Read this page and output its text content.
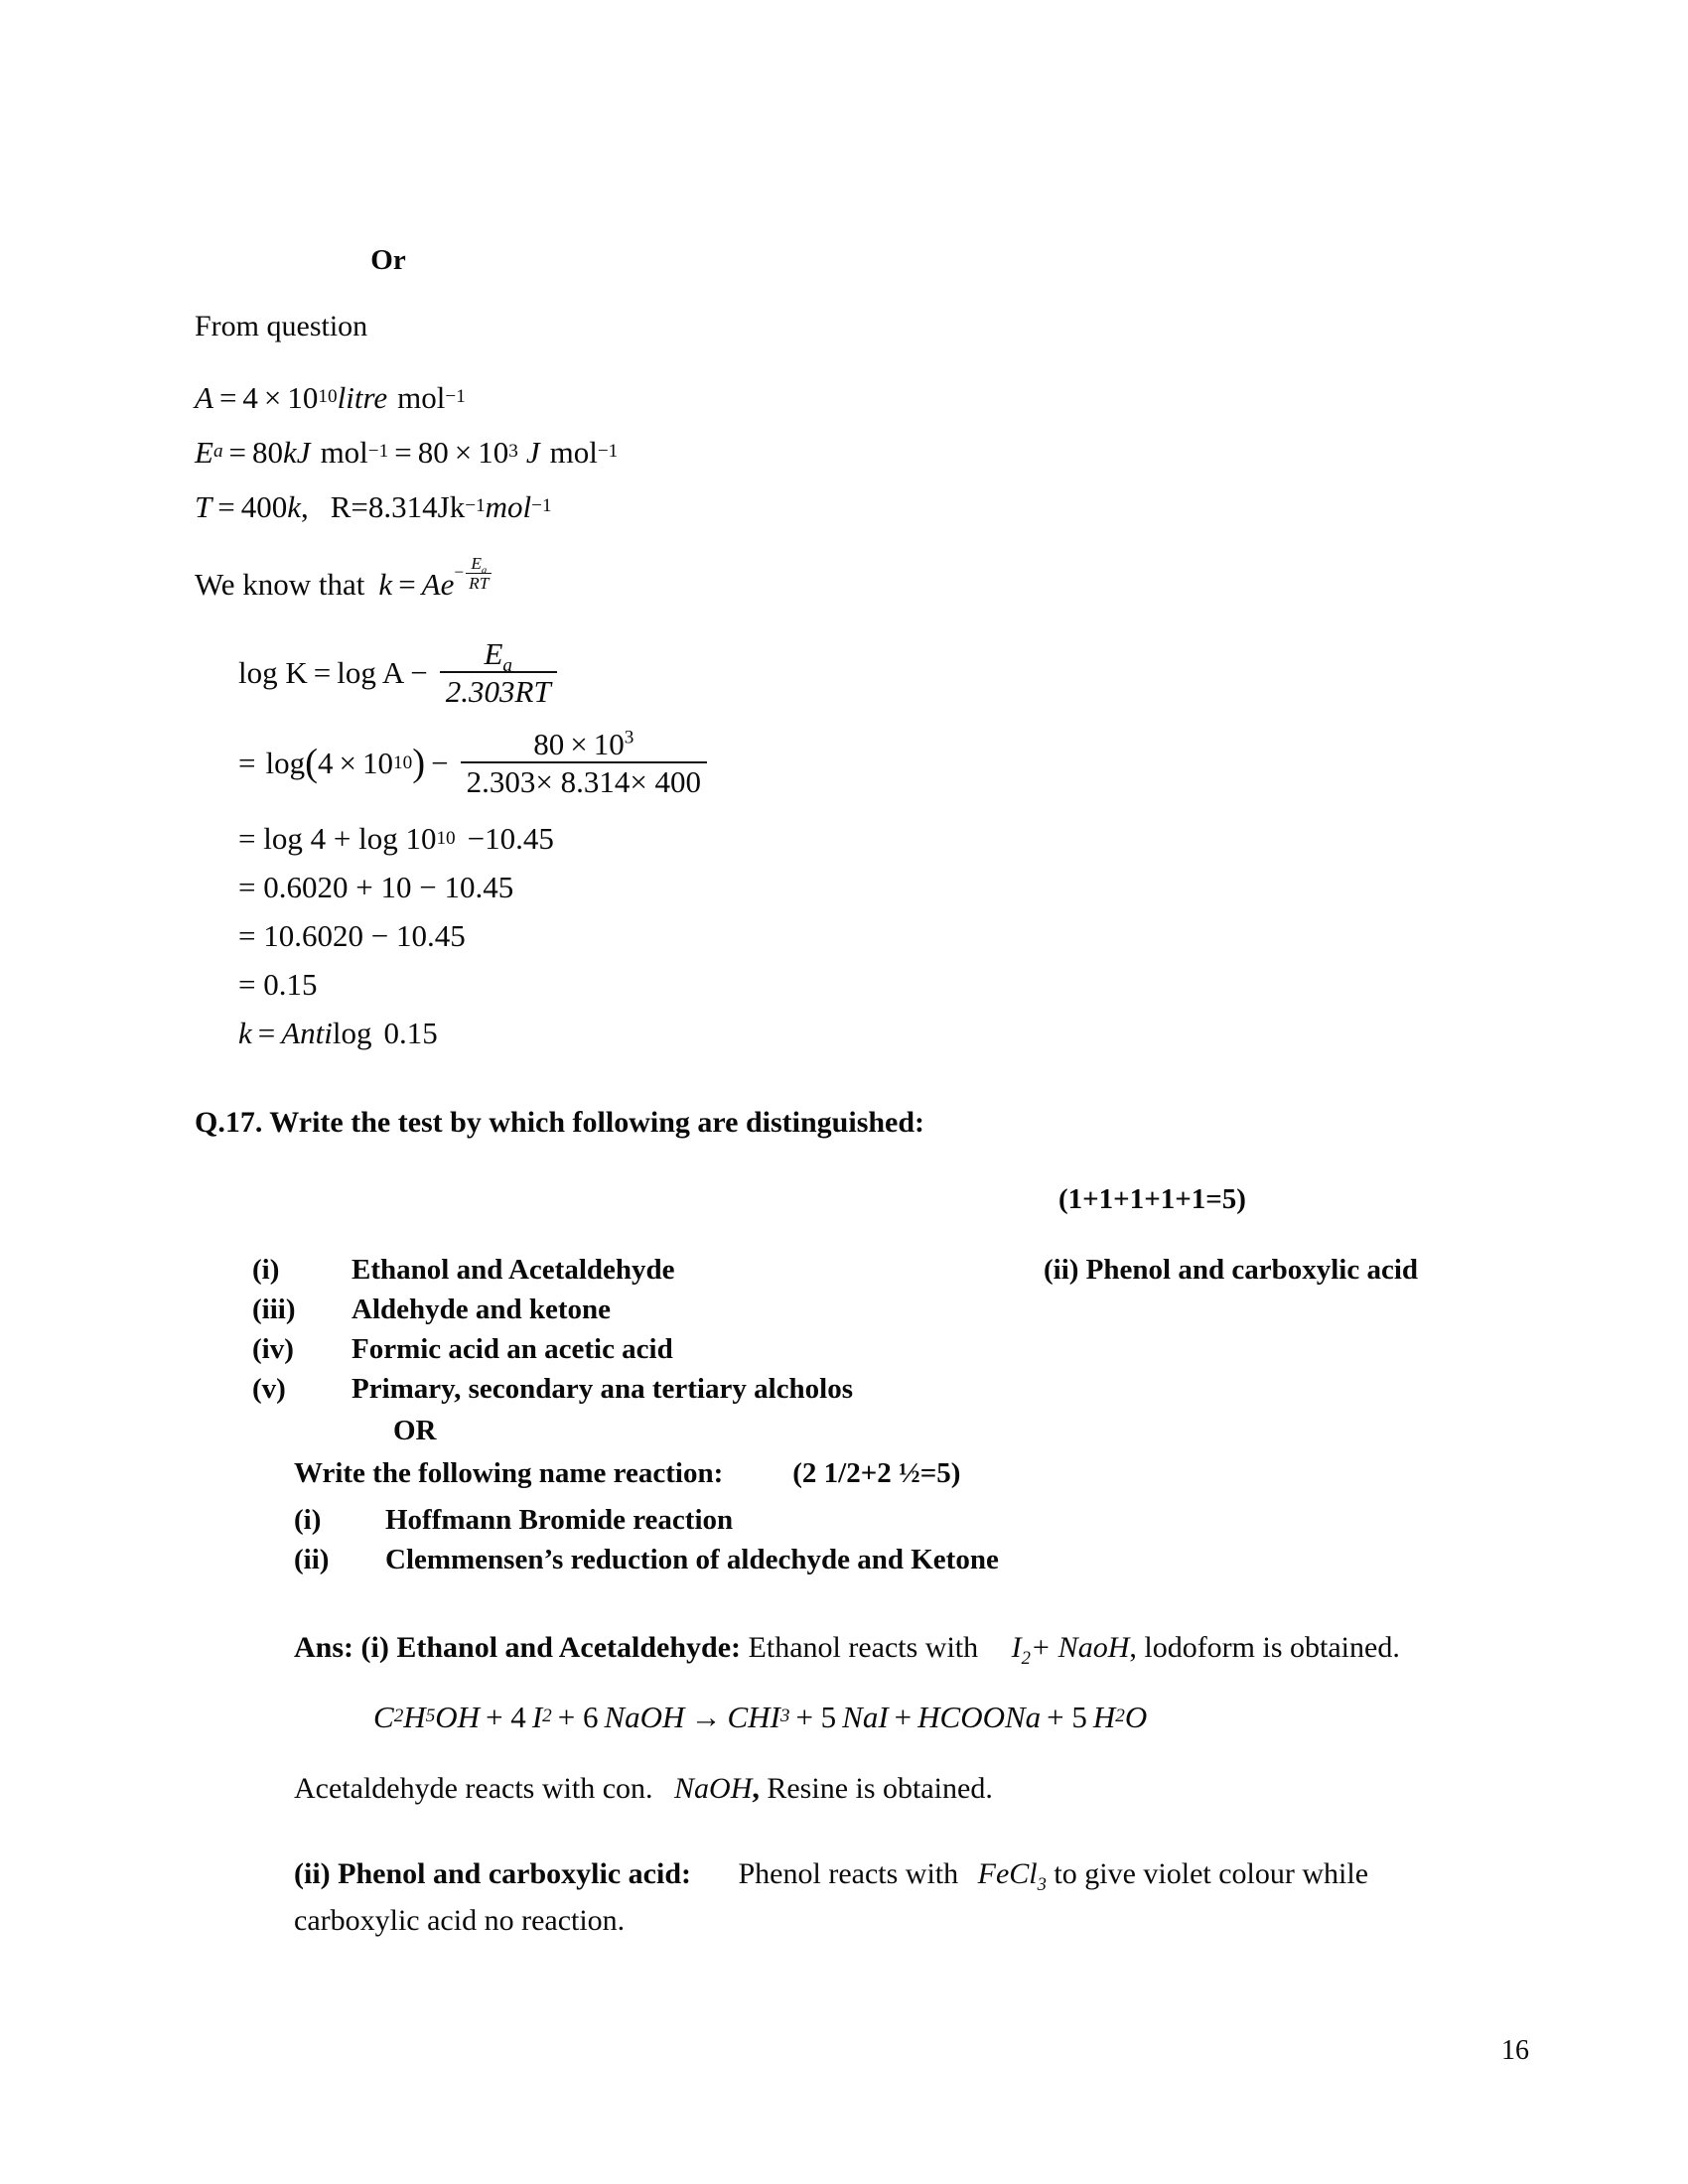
Or
From question
A = 4 × 10 10 litre mol −1
E a = 80 kJ mol −1 = 80 × 10 3 J mol −1
T = 400 k , R=8.314Jk −1 mol −1
We know that k = A $e - \frac{E_a}{RT}$
$\log K = \log A - \frac{E_a}{2.303RT}$
= log ( 4 × 10 10 ) − $\frac{80 \times 10^3}{2.303\times 8.314\times 400}$
= log 4 + log 10 10 −10.45
= 0.6020 + 10 − 10.45
= 10.6020 − 10.45
= 0.15
k = Anti log 0.15
Q.17. Write the test by which following are distinguished:
(1+1+1+1+1=5)
(i)	Ethanol and Acetaldehyde	(ii) Phenol and carboxylic acid
(iii)	Aldehyde and ketone
(iv)	Formic acid an acetic acid
(v)	Primary, secondary ana tertiary alcholos
OR
Write the following name reaction: (2 1/2+2 ½=5)
(i)	Hoffmann Bromide reaction
(ii)	Clemmensen’s reduction of aldechyde and Ketone
Ans: (i) Ethanol and Acetaldehyde: Ethanol reacts with $I_2+$ NaoH, lodoform is obtained.
C 2 H 5 OH + 4 I 2 + 6 NaOH → CHI 3 + 5 NaI + HCOONa + 5 H 2 O
Acetaldehyde reacts with con. NaOH, Resine is obtained.
(ii) Phenol and carboxylic acid: Phenol reacts with FeCl$_3$ to give violet colour while carboxylic acid no reaction.
16
